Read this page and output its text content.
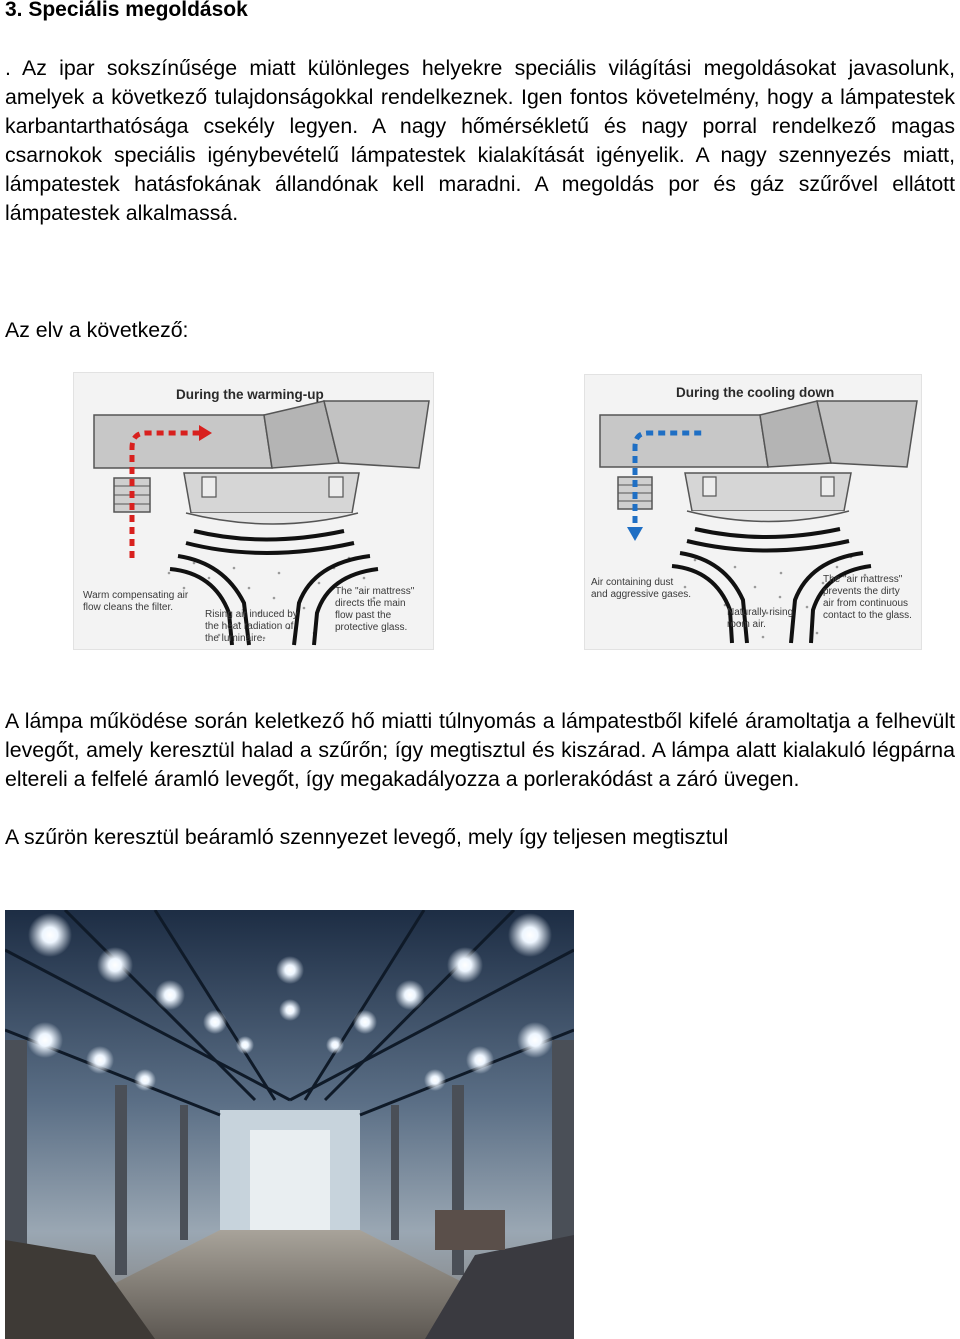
3. Speciális megoldások

. Az ipar sokszínűsége miatt különleges helyekre speciális világítási megoldásokat javasolunk, amelyek a következő tulajdonságokkal rendelkeznek. Igen fontos követelmény, hogy a lámpatestek karbantarthatósága csekély legyen. A nagy hőmérsékletű és nagy porral rendelkező magas csarnokok speciális igénybevételű lámpatestek kialakítását igényelik. A nagy szennyezés miatt, lámpatestek hatásfokának állandónak kell maradni. A megoldás por és gáz szűrővel ellátott lámpatestek alkalmassá.

Az elv a következő:

During the warming-up
Warm compensating air
flow cleans the filter.
Rising air induced by
the heat radiation of
the luminaire.
The "air mattress"
directs the main
flow past the
protective glass.
During the cooling down
Air containing dust
and aggressive gases.
Naturally rising
room air.
The "air mattress"
prevents the dirty
air from continuous
contact to the glass.

A lámpa működése során keletkező hő miatti túlnyomás a lámpatestből kifelé áramoltatja a felhevült levegőt, amely keresztül halad a szűrőn; így megtisztul és kiszárad. A lámpa alatt kialakuló légpárna eltereli a felfelé áramló levegőt, így megakadályozza a porlerakódást a záró üvegen.

A szűrön keresztül beáramló szennyezet levegő, mely így teljesen megtisztul
